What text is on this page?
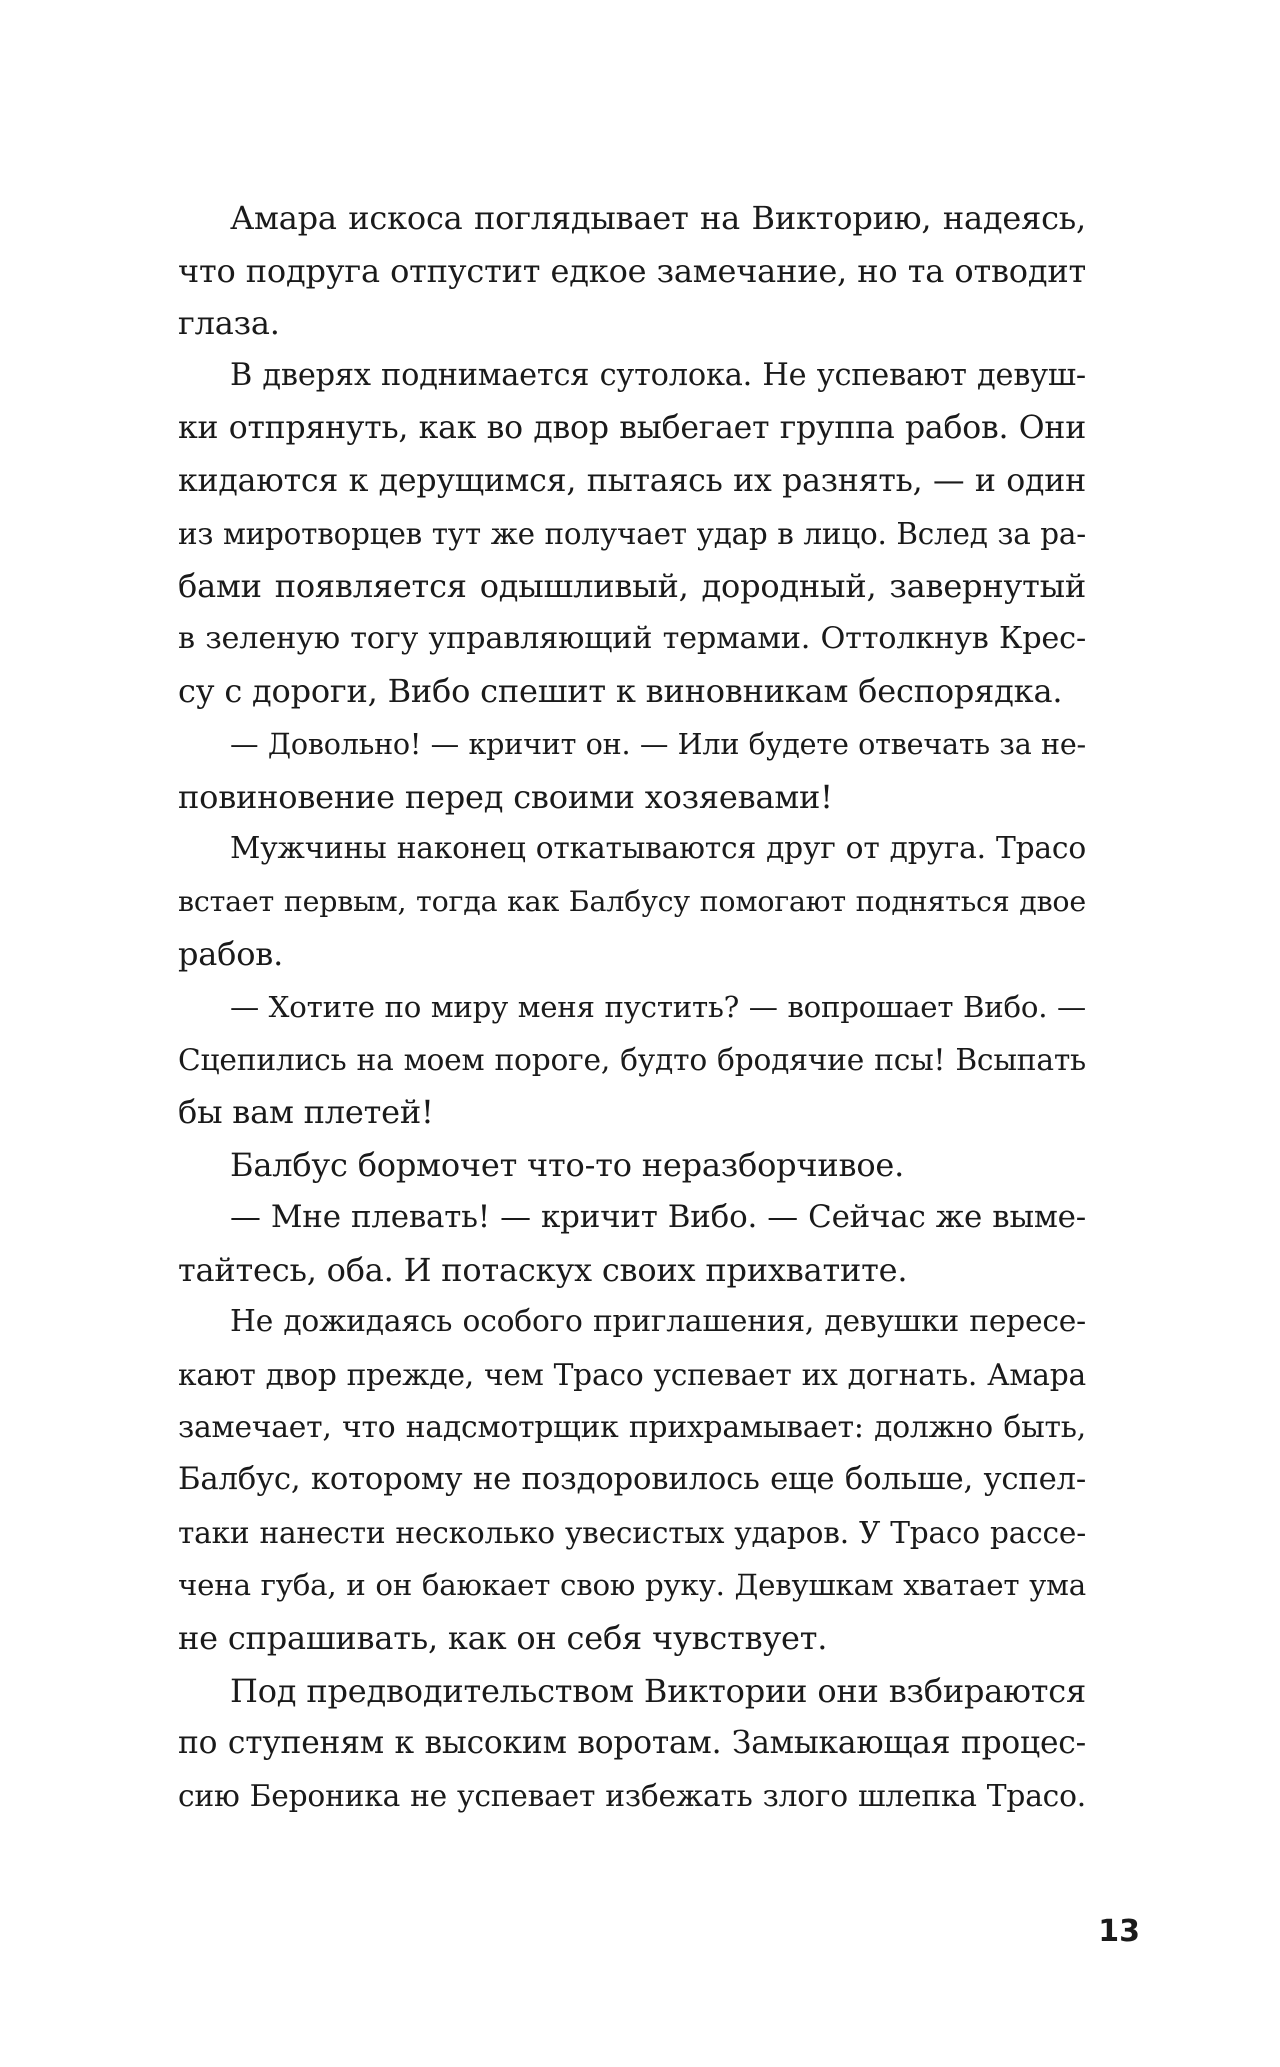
Амара искоса поглядывает на Викторию, надеясь,
что подруга отпустит едкое замечание, но та отводит
глаза.
В дверях поднимается сутолока. Не успевают девуш-
ки отпрянуть, как во двор выбегает группа рабов. Они
кидаются к дерущимся, пытаясь их разнять, — и один
из миротворцев тут же получает удар в лицо. Вслед за ра-
бами появляется одышливый, дородный, завернутый
в зеленую тогу управляющий термами. Оттолкнув Крес-
су с дороги, Вибо спешит к виновникам беспорядка.
— Довольно! — кричит он. — Или будете отвечать за не-
повиновение перед своими хозяевами!
Мужчины наконец откатываются друг от друга. Трасо
встает первым, тогда как Балбусу помогают подняться двое
рабов.
— Хотите по миру меня пустить? — вопрошает Вибо. —
Сцепились на моем пороге, будто бродячие псы! Всыпать
бы вам плетей!
Балбус бормочет что-то неразборчивое.
— Мне плевать! — кричит Вибо. — Сейчас же выме-
тайтесь, оба. И потаскух своих прихватите.
Не дожидаясь особого приглашения, девушки пересе-
кают двор прежде, чем Трасо успевает их догнать. Амара
замечает, что надсмотрщик прихрамывает: должно быть,
Балбус, которому не поздоровилось еще больше, успел-
таки нанести несколько увесистых ударов. У Трасо рассе-
чена губа, и он баюкает свою руку. Девушкам хватает ума
не спрашивать, как он себя чувствует.
Под предводительством Виктории они взбираются
по ступеням к высоким воротам. Замыкающая процес-
сию Бероника не успевает избежать злого шлепка Трасо.
13
